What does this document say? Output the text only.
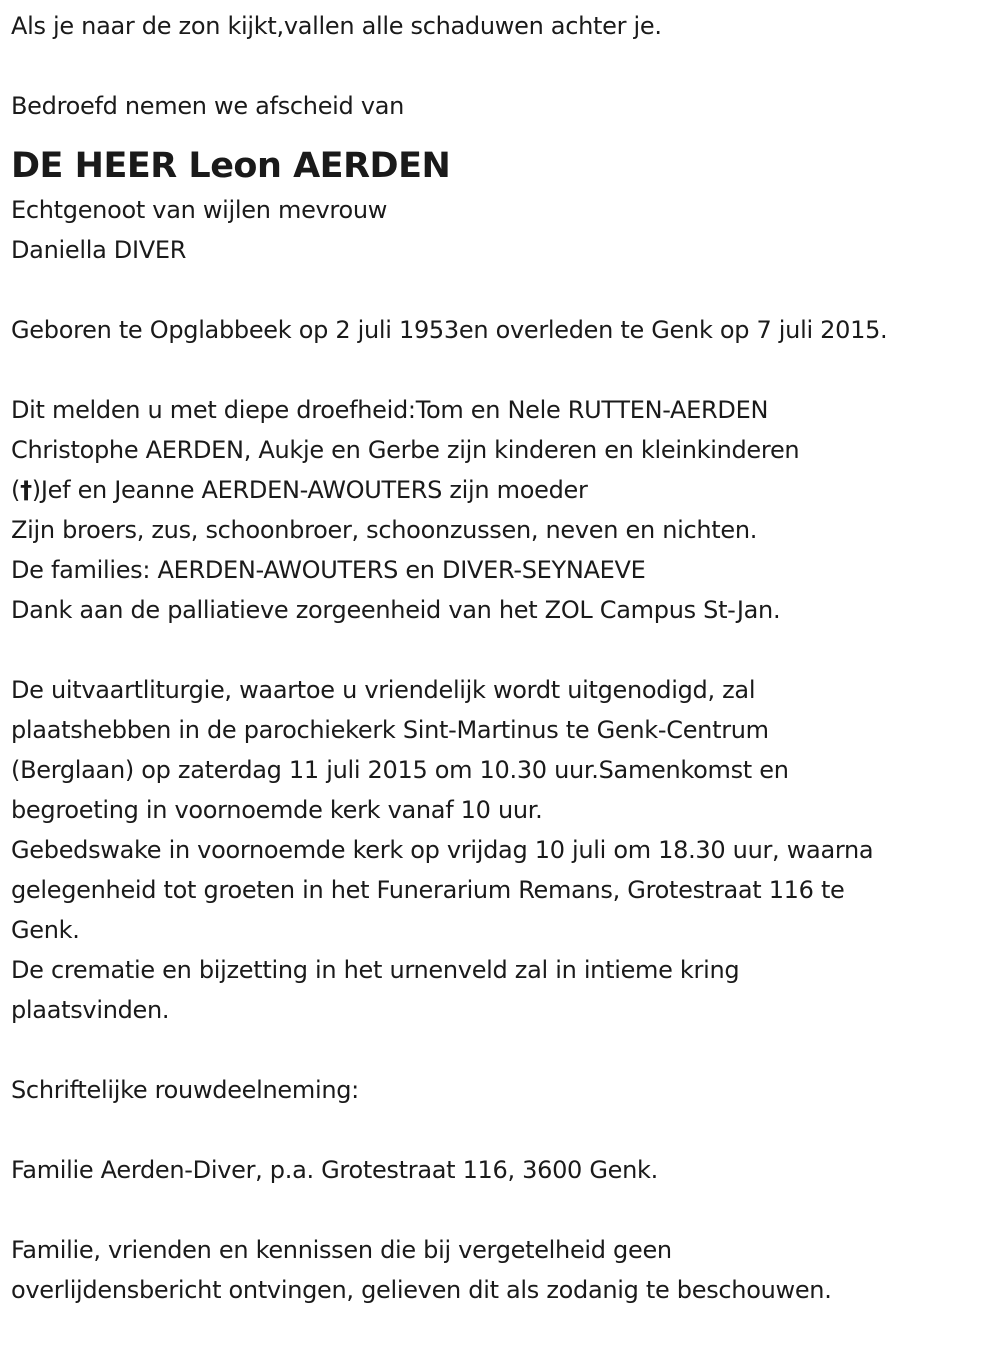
Als je naar de zon kijkt,vallen alle schaduwen achter je.
Bedroefd nemen we afscheid van
DE HEER Leon AERDEN
Echtgenoot van wijlen mevrouw
Daniella DIVER
Geboren te Opglabbeek op 2 juli 1953en overleden te Genk op 7 juli 2015.
Dit melden u met diepe droefheid:Tom en Nele RUTTEN-AERDEN
Christophe AERDEN, Aukje en Gerbe zijn kinderen en kleinkinderen
(†)Jef en Jeanne AERDEN-AWOUTERS zijn moeder
Zijn broers, zus, schoonbroer, schoonzussen, neven en nichten.
De families: AERDEN-AWOUTERS en DIVER-SEYNAEVE
Dank aan de palliatieve zorgeenheid van het ZOL Campus St-Jan.
De uitvaartliturgie, waartoe u vriendelijk wordt uitgenodigd, zal
plaatshebben in de parochiekerk Sint-Martinus te Genk-Centrum
(Berglaan) op zaterdag 11 juli 2015 om 10.30 uur.Samenkomst en
begroeting in voornoemde kerk vanaf 10 uur.
Gebedswake in voornoemde kerk op vrijdag 10 juli om 18.30 uur, waarna
gelegenheid tot groeten in het Funerarium Remans, Grotestraat 116 te
Genk.
De crematie en bijzetting in het urnenveld zal in intieme kring
plaatsvinden.
Schriftelijke rouwdeelneming:
Familie Aerden-Diver, p.a. Grotestraat 116, 3600 Genk.
Familie, vrienden en kennissen die bij vergetelheid geen
overlijdensbericht ontvingen, gelieven dit als zodanig te beschouwen.
